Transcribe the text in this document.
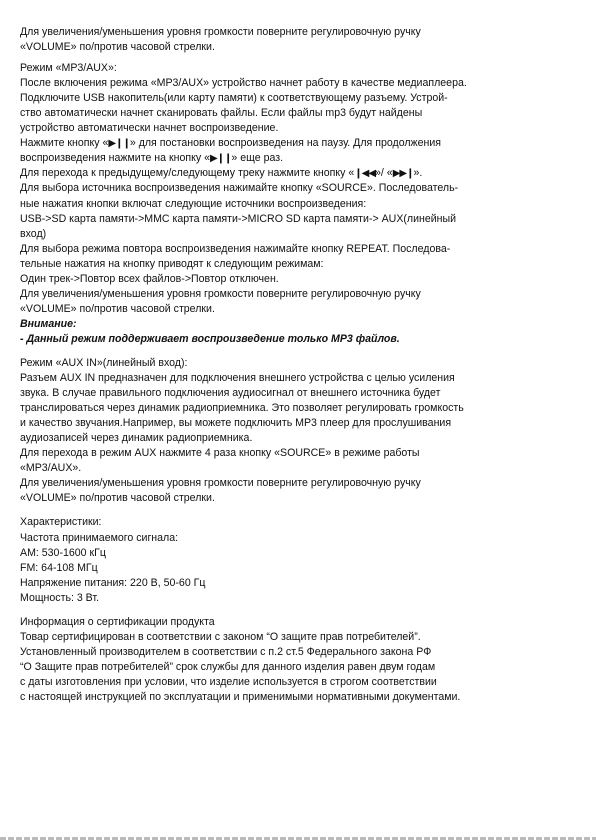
Для увеличения/уменьшения уровня громкости поверните регулировочную ручку
«VOLUME» по/против часовой стрелки.
Режим «MP3/AUX»:
После включения режима «MP3/AUX» устройство начнет работу в качестве медиаплеера.
Подключите USB накопитель(или карту памяти) к соответствующему разъему. Устрой-
ство автоматически начнет сканировать файлы. Если файлы mp3 будут найдены
устройство автоматически начнет воспроизведение.
Нажмите кнопку «▶❙❙» для постановки воспроизведения на паузу. Для продолжения
воспроизведения нажмите на кнопку «▶❙❙» еще раз.
Для перехода к предыдущему/следующему треку нажмите кнопку «❙◀◀»/ «▶▶❙».
Для выбора источника воспроизведения нажимайте кнопку «SOURCE». Последователь-
ные нажатия кнопки включат следующие источники воспроизведения:
USB->SD карта памяти->MMC карта памяти->MICRO SD карта памяти-> AUX(линейный
вход)
Для выбора режима повтора воспроизведения нажимайте кнопку REPEAT. Последова-
тельные нажатия на кнопку приводят к следующим режимам:
Один трек->Повтор всех файлов->Повтор отключен.
Для увеличения/уменьшения уровня громкости поверните регулировочную ручку
«VOLUME» по/против часовой стрелки.
Внимание:
- Данный режим поддерживает воспроизведение только MP3 файлов.
Режим «AUX IN»(линейный вход):
Разъем AUX IN предназначен для подключения внешнего устройства с целью усиления
звука. В случае правильного подключения аудиосигнал от внешнего источника будет
транслироваться через динамик радиоприемника. Это позволяет регулировать громкость
и качество звучания.Например, вы можете подключить MP3 плеер для прослушивания
аудиозаписей через динамик радиоприемника.
Для перехода в режим AUX нажмите 4 раза кнопку «SOURCE» в режиме работы
«MP3/AUX».
Для увеличения/уменьшения уровня громкости поверните регулировочную ручку
«VOLUME» по/против часовой стрелки.
Характеристики:
Частота принимаемого сигнала:
AM: 530-1600 кГц
FM: 64-108 МГц
Напряжение питания: 220 В, 50-60 Гц
Мощность: 3 Вт.
Информация о сертификации продукта
Товар сертифицирован в соответствии с законом “О защите прав потребителей”.
Установленный производителем в соответствии с п.2 ст.5 Федерального закона РФ
“О Защите прав потребителей” срок службы для данного изделия равен двум годам
с даты изготовления при условии, что изделие используется в строгом соответствии
с настоящей инструкцией по эксплуатации и применимыми нормативными документами.
